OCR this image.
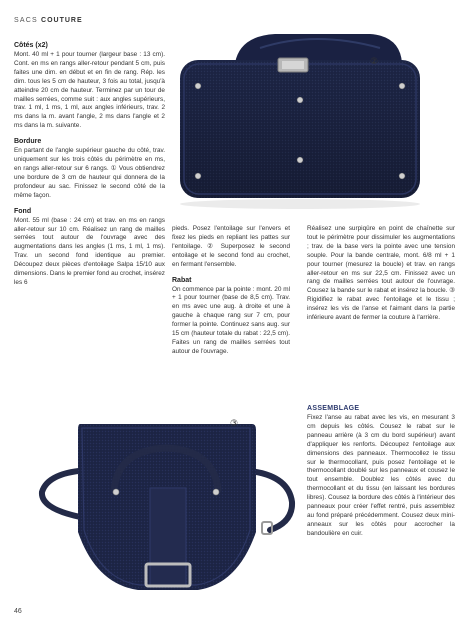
SACS COUTURE
Côtés (x2)

Mont. 40 ml + 1 pour tourner (largeur base : 13 cm). Cont. en ms en rangs aller-retour pendant 5 cm, puis faites une dim. en début et en fin de rang. Rép. les dim. tous les 5 cm de hauteur, 3 fois au total, jusqu'à atteindre 20 cm de hauteur. Terminez par un tour de mailles serrées, comme suit : aux angles supérieurs, trav. 1 ml, 1 ms, 1 ml, aux angles inférieurs, trav. 2 ms dans la m. avant l'angle, 2 ms dans l'angle et 2 ms dans la m. suivante.

Bordure

En partant de l'angle supérieur gauche du côté, trav. uniquement sur les trois côtés du périmètre en ms, en rangs aller-retour sur 6 rangs. ① Vous obtiendrez une bordure de 3 cm de hauteur qui donnera de la profondeur au sac. Finissez le second côté de la même façon.

Fond

Mont. 55 ml (base : 24 cm) et trav. en ms en rangs aller-retour sur 10 cm. Réalisez un rang de mailles serrées tout autour de l'ouvrage avec des augmentations dans les angles (1 ms, 1 ml, 1 ms). Trav. un second fond identique au premier. Découpez deux pièces d'entoilage Salpa 15/10 aux dimensions. Dans le premier fond au crochet, insérez les 6

pieds. Posez l'entoilage sur l'envers et fixez les pieds en repliant les pattes sur l'entoilage. ② Superposez le second entoilage et le second fond au crochet, en fermant l'ensemble.

Rabat

On commence par la pointe : mont. 20 ml + 1 pour tourner (base de 8,5 cm). Trav. en ms avec une aug. à droite et une à gauche à chaque rang sur 7 cm, pour former la pointe. Continuez sans aug. sur 15 cm (hauteur totale du rabat : 22,5 cm). Faites un rang de mailles serrées tout autour de l'ouvrage.

Réalisez une surpiqûre en point de chaînette sur tout le périmètre pour dissimuler les augmentations ; trav. de la base vers la pointe avec une tension souple. Pour la bande centrale, mont. 6/8 ml + 1 pour tourner (mesurez la boucle) et trav. en rangs aller-retour en ms sur 22,5 cm. Finissez avec un rang de mailles serrées tout autour de l'ouvrage. Cousez la bande sur le rabat et insérez la boucle. ③ Rigidifiez le rabat avec l'entoilage et le tissu ; insérez les vis de l'anse et l'aimant dans la partie inférieure avant de fermer la couture à l'arrière.

ASSEMBLAGE

Fixez l'anse au rabat avec les vis, en mesurant 3 cm depuis les côtés. Cousez le rabat sur le panneau arrière (à 3 cm du bord supérieur) avant d'appliquer les renforts. Découpez l'entoilage aux dimensions des panneaux. Thermocollez le tissu sur le thermocollant, puis posez l'entoilage et le thermocollant doublé sur les panneaux et cousez le tout ensemble. Doublez les côtés avec du thermocollant et du tissu (en laissant les bordures libres). Cousez la bordure des côtés à l'intérieur des panneaux pour créer l'effet rentré, puis assemblez au fond préparé précédemment. Cousez deux mini-anneaux sur les côtés pour accrocher la bandoulière en cuir.

②
③
46
